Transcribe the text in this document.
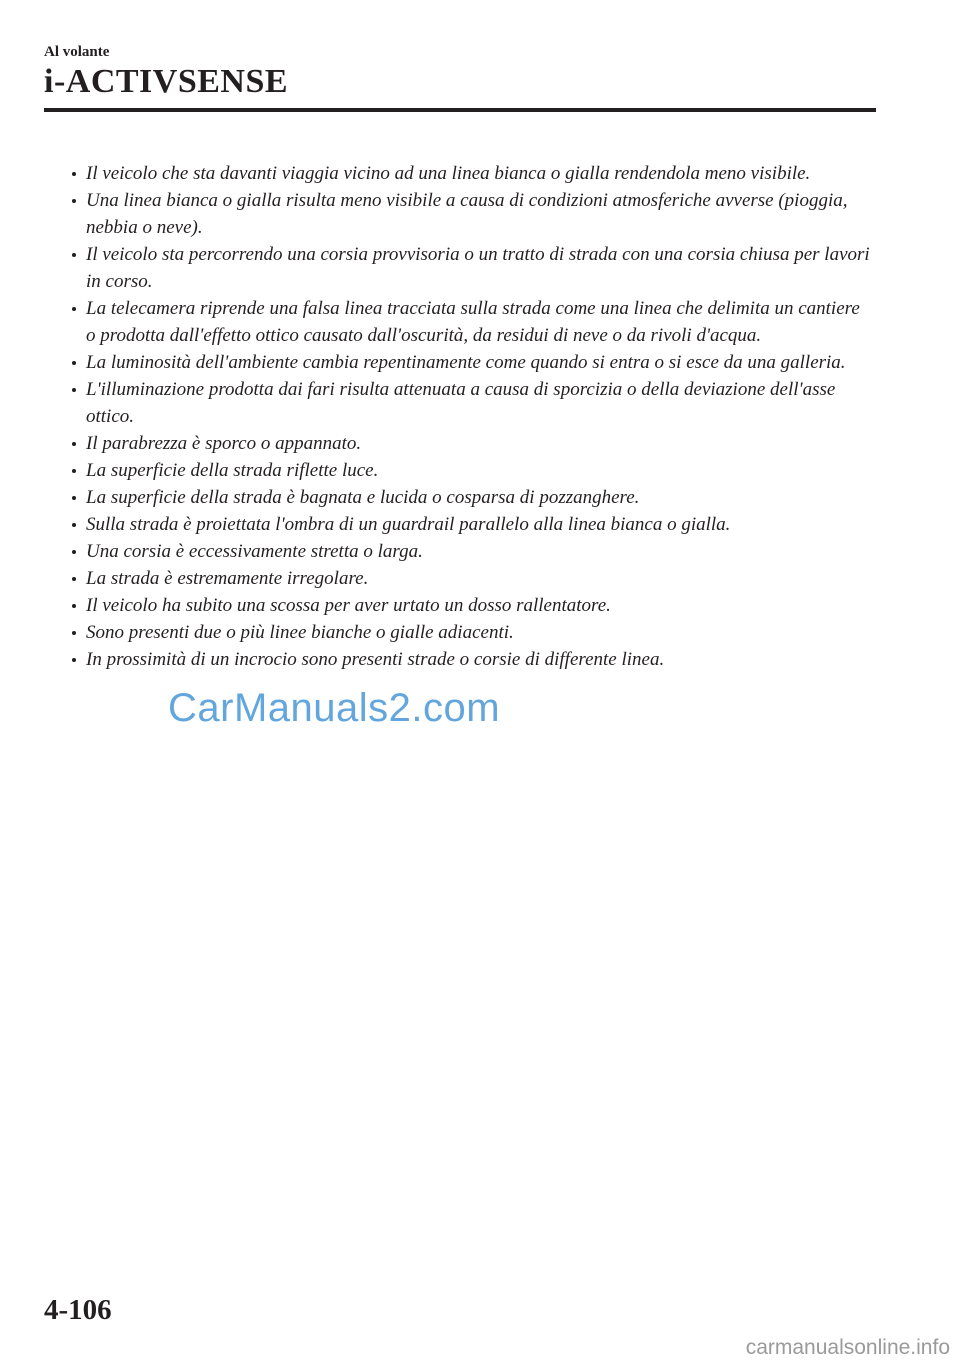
Al volante
i-ACTIVSENSE
Il veicolo che sta davanti viaggia vicino ad una linea bianca o gialla rendendola meno visibile.
Una linea bianca o gialla risulta meno visibile a causa di condizioni atmosferiche avverse (pioggia, nebbia o neve).
Il veicolo sta percorrendo una corsia provvisoria o un tratto di strada con una corsia chiusa per lavori in corso.
La telecamera riprende una falsa linea tracciata sulla strada come una linea che delimita un cantiere o prodotta dall'effetto ottico causato dall'oscurità, da residui di neve o da rivoli d'acqua.
La luminosità dell'ambiente cambia repentinamente come quando si entra o si esce da una galleria.
L'illuminazione prodotta dai fari risulta attenuata a causa di sporcizia o della deviazione dell'asse ottico.
Il parabrezza è sporco o appannato.
La superficie della strada riflette luce.
La superficie della strada è bagnata e lucida o cosparsa di pozzanghere.
Sulla strada è proiettata l'ombra di un guardrail parallelo alla linea bianca o gialla.
Una corsia è eccessivamente stretta o larga.
La strada è estremamente irregolare.
Il veicolo ha subito una scossa per aver urtato un dosso rallentatore.
Sono presenti due o più linee bianche o gialle adiacenti.
In prossimità di un incrocio sono presenti strade o corsie di differente linea.
CarManuals2.com
4-106
carmanualsonline.info
